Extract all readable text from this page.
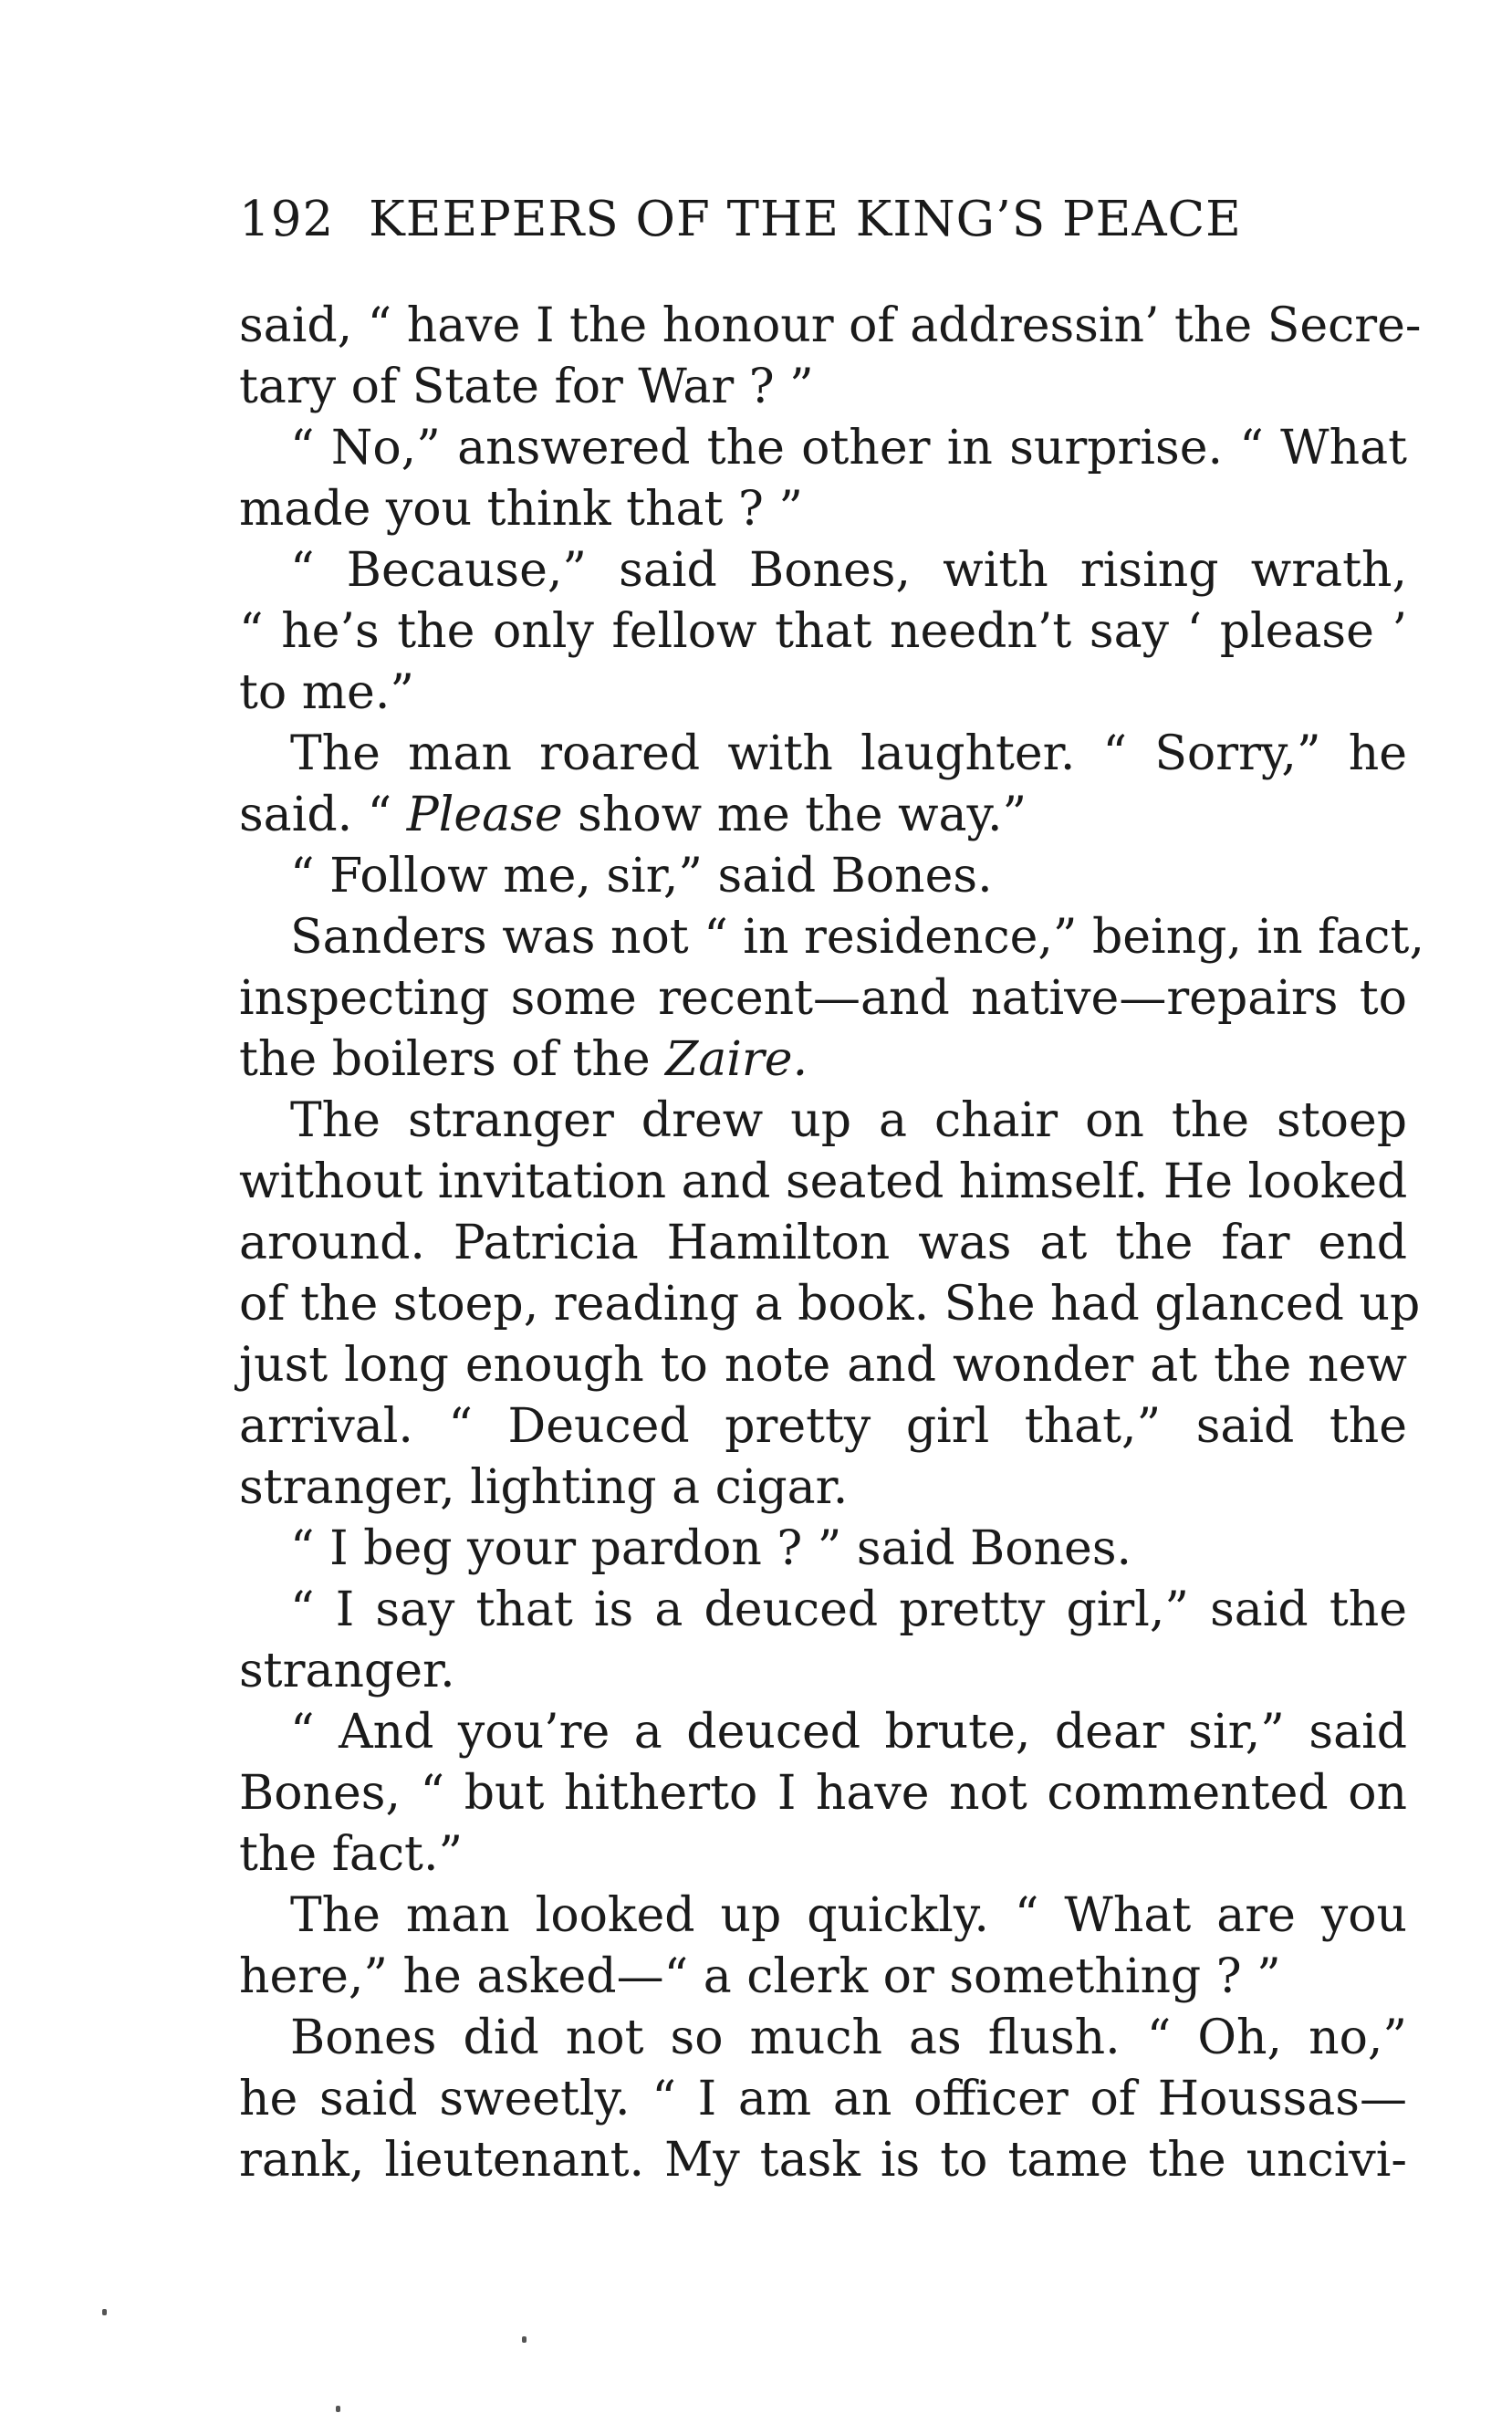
192 KEEPERS OF THE KING’S PEACE
said, “ have I the honour of addressin’ the Secre-
tary of State for War ? ”
“ No,” answered the other in surprise. “ What
made you think that ? ”
“ Because,” said Bones, with rising wrath,
“ he’s the only fellow that needn’t say ‘ please ’
to me.”
The man roared with laughter. “ Sorry,” he
said. “ Please show me the way.”
“ Follow me, sir,” said Bones.
Sanders was not “ in residence,” being, in fact,
inspecting some recent—and native—repairs to
the boilers of the Zaire.
The stranger drew up a chair on the stoep
without invitation and seated himself. He looked
around. Patricia Hamilton was at the far end
of the stoep, reading a book. She had glanced up
just long enough to note and wonder at the new
arrival. “ Deuced pretty girl that,” said the
stranger, lighting a cigar.
“ I beg your pardon ? ” said Bones.
“ I say that is a deuced pretty girl,” said the
stranger.
“ And you’re a deuced brute, dear sir,” said
Bones, “ but hitherto I have not commented on
the fact.”
The man looked up quickly. “ What are you
here,” he asked—“ a clerk or something ? ”
Bones did not so much as flush. “ Oh, no,”
he said sweetly. “ I am an officer of Houssas—
rank, lieutenant. My task is to tame the uncivi-
